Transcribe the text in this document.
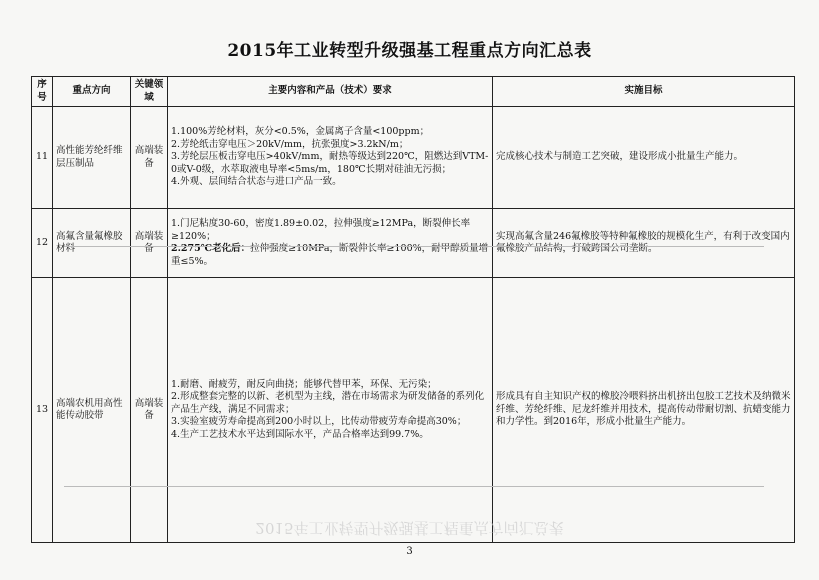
2015年工业转型升级强基工程重点方向汇总表
序号	重点方向	关键领域	主要内容和产品（技术）要求	实施目标
11	高性能芳纶纤维层压制品	高端装备	1.100%芳纶材料，灰分<0.5%，金属离子含量<100ppm；
2.芳纶纸击穿电压＞20kV/mm，抗张强度>3.2kN/m；
3.芳纶层压板击穿电压>40kV/mm，耐热等级达到220℃，阻燃达到VTM-0或V-0级，水萃取液电导率<5ms/m，180℃长期对硅油无污损；
4.外观、层间结合状态与进口产品一致。	完成核心技术与制造工艺突破，建设形成小批量生产能力。
12	高氟含量氟橡胶材料	高端装备	1.门尼粘度30-60，密度1.89±0.02，拉伸强度≥12MPa，断裂伸长率≥120%；
2.275℃老化后：拉伸强度≥10MPa，断裂伸长率≥100%，耐甲醇质量增重≤5%。	实现高氟含量246氟橡胶等特种氟橡胶的规模化生产，有利于改变国内氟橡胶产品结构，打破跨国公司垄断。
13	高端农机用高性能传动胶带	高端装备	1.耐磨、耐疲劳，耐反向曲挠；能够代替甲苯，环保、无污染；
2.形成整套完整的以新、老机型为主线，潜在市场需求为研发储备的系列化产品生产线，满足不同需求；
3.实验室疲劳寿命提高到200小时以上，比传动带疲劳寿命提高30%；
4.生产工艺技术水平达到国际水平，产品合格率达到99.7%。	形成具有自主知识产权的橡胶冷喂料挤出机挤出包胶工艺技术及纳微米纤维、芳纶纤维、尼龙纤维并用技术，提高传动带耐切割、抗蜡变能力和力学性。到2016年，形成小批量生产能力。
2015年工业转型升级强基工程重点方向汇总表
3
